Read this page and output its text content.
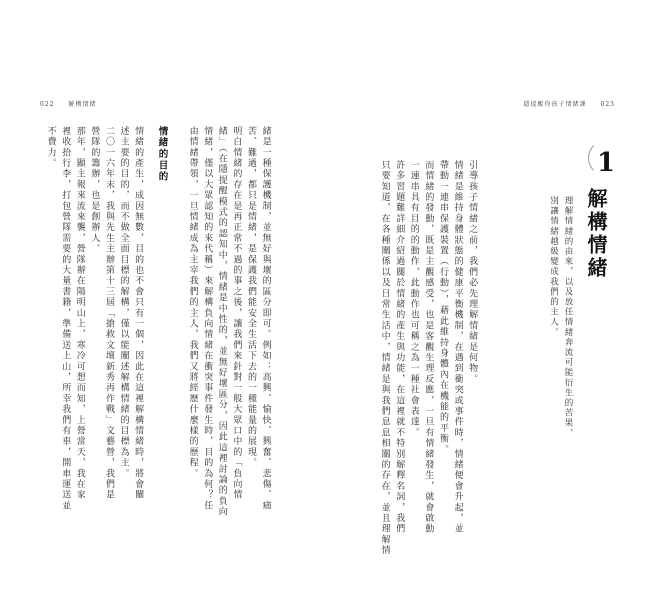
022 解構情緒	隱提醒你孩子情緒課 023
1
解構情緒
理解情緒的由來，以及放任情緒奔流可能衍生的苦果，
別讓情緒越級變成我們的主人。
引導孩子情緒之前，我們必先理解情緒是何物。
情緒是維持身體狀態的健康平衡機制，在遇到衝突或事件時，情緒便會升起，並
帶動一連串保護裝置（行動），藉此維持身體內在機能的平衡。
而情緒的發動，既是主觀感受，也是客觀生理反應，一旦有情緒發生，就會啟動
一連串具有目的的動作，此動作也可稱之為一種社會表達。
許多習題難詳細介紹過關於情緒的產生與功能，在這裡就不特別解釋名詞，我們
只要知道，在各種關係以及日常生活中，情緒是與我們息息相關的存在，並且理解情
緒是一種保護機制，並無好與壞的區分即可。例如：高興、愉快、興奮、悲傷、痛
苦、難過，都只是情緒，是保護我們能安全生活下去的一種能量的展現。
明白情緒的存在是再正常不過的事之後，讓我們來針對一般大眾口中的「負向情
緒」（在隱提醒模式的認知中，情緒是中性的，並無好壞區分，因此這裡討論的負向
情緒，僅以大眾認知的來代稱）來解構負向情緒在衝突事件發生時，目的為何？任
由情緒帶領，一旦情緒成為主宰我們的主人，我們又將經歷什麼樣的歷程。
情緒的目的
情緒的產生，成因無數，目的也不會只有一個，因此在這裡解構情緒時，將會闡
述主要的目的，而不做全面目標的解構，僅以能闡述解構情緒的目標為主。
二〇一六年末，我與先生主辦第十三屆「搶救文壇新秀再作戰」文藝營，我們是
營隊的籌辦，也是創辦人。
那年，顯主報來流來襲，營隊辦在陽明山上，寒冷可想而知，上營當天，我在家
裡收拾行李，打包營隊需要的大量書籍，準備送上山，所幸我們有車，開車運送並
不費力。
